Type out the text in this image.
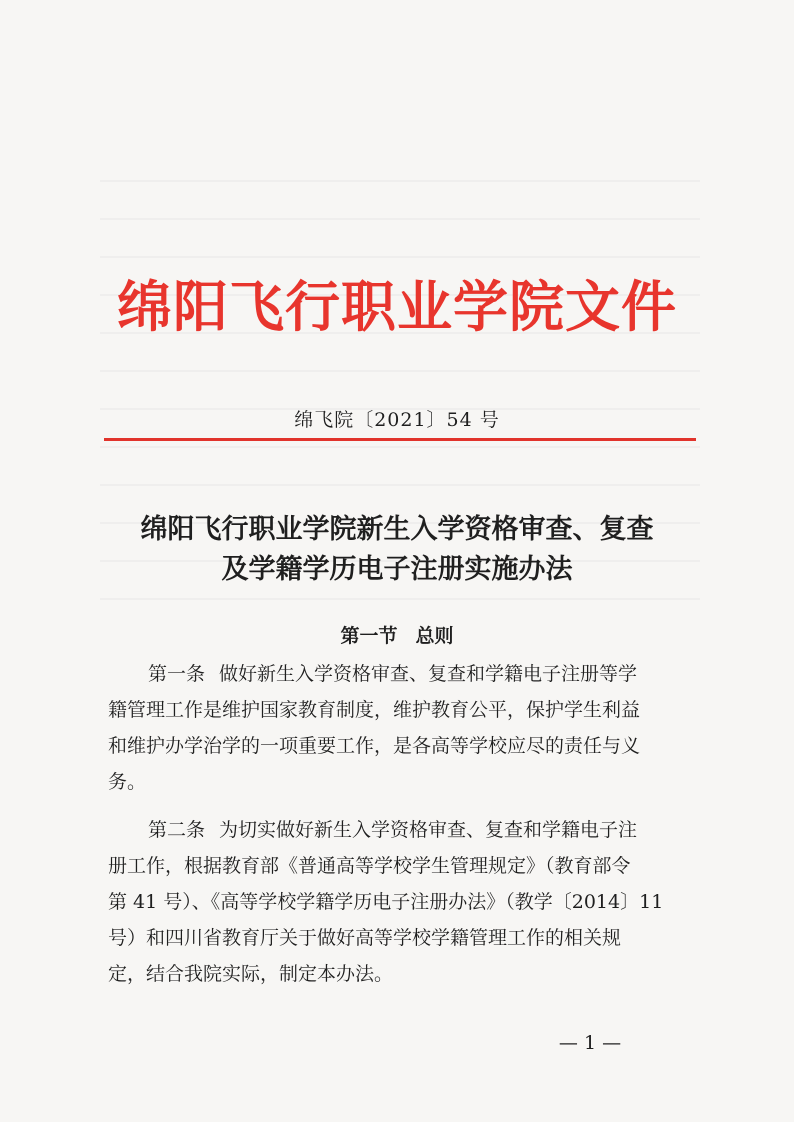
绵阳飞行职业学院文件
绵飞院〔2021〕54 号
绵阳飞行职业学院新生入学资格审查、复查
及学籍学历电子注册实施办法
第一节 总则
第一条 做好新生入学资格审查、复查和学籍电子注册等学
籍管理工作是维护国家教育制度，维护教育公平，保护学生利益
和维护办学治学的一项重要工作，是各高等学校应尽的责任与义
务。
第二条 为切实做好新生入学资格审查、复查和学籍电子注
册工作，根据教育部《普通高等学校学生管理规定》（教育部令
第 41 号）、《高等学校学籍学历电子注册办法》（教学〔2014〕11
号）和四川省教育厅关于做好高等学校学籍管理工作的相关规
定，结合我院实际，制定本办法。
— 1 —
